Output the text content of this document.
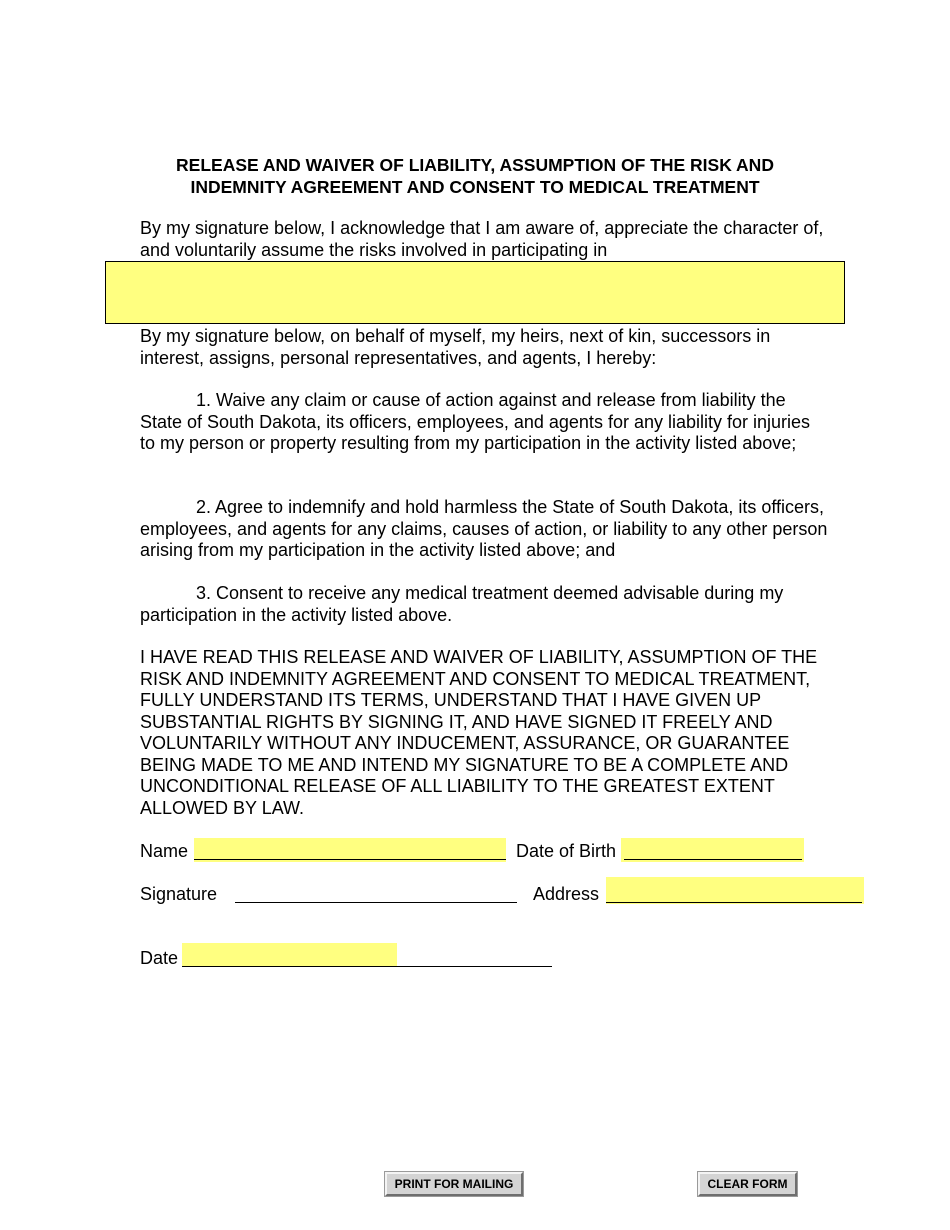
RELEASE AND WAIVER OF LIABILITY, ASSUMPTION OF THE RISK AND
INDEMNITY AGREEMENT AND CONSENT TO MEDICAL TREATMENT
By my signature below, I acknowledge that I am aware of, appreciate the character of, and voluntarily assume the risks involved in participating in
By my signature below, on behalf of myself, my heirs, next of kin, successors in interest, assigns, personal representatives, and agents, I hereby:
1. Waive any claim or cause of action against and release from liability the State of South Dakota, its officers, employees, and agents for any liability for injuries to my person or property resulting from my participation in the activity listed above;
2. Agree to indemnify and hold harmless the State of South Dakota, its officers, employees, and agents for any claims, causes of action, or liability to any other person arising from my participation in the activity listed above; and
3. Consent to receive any medical treatment deemed advisable during my participation in the activity listed above.
I HAVE READ THIS RELEASE AND WAIVER OF LIABILITY, ASSUMPTION OF THE RISK AND INDEMNITY AGREEMENT AND CONSENT TO MEDICAL TREATMENT, FULLY UNDERSTAND ITS TERMS, UNDERSTAND THAT I HAVE GIVEN UP SUBSTANTIAL RIGHTS BY SIGNING IT, AND HAVE SIGNED IT FREELY AND VOLUNTARILY WITHOUT ANY INDUCEMENT, ASSURANCE, OR GUARANTEE BEING MADE TO ME AND INTEND MY SIGNATURE TO BE A COMPLETE AND UNCONDITIONAL RELEASE OF ALL LIABILITY TO THE GREATEST EXTENT ALLOWED BY LAW.
Name	Date of Birth
Signature	Address
Date
PRINT FOR MAILING	CLEAR FORM
